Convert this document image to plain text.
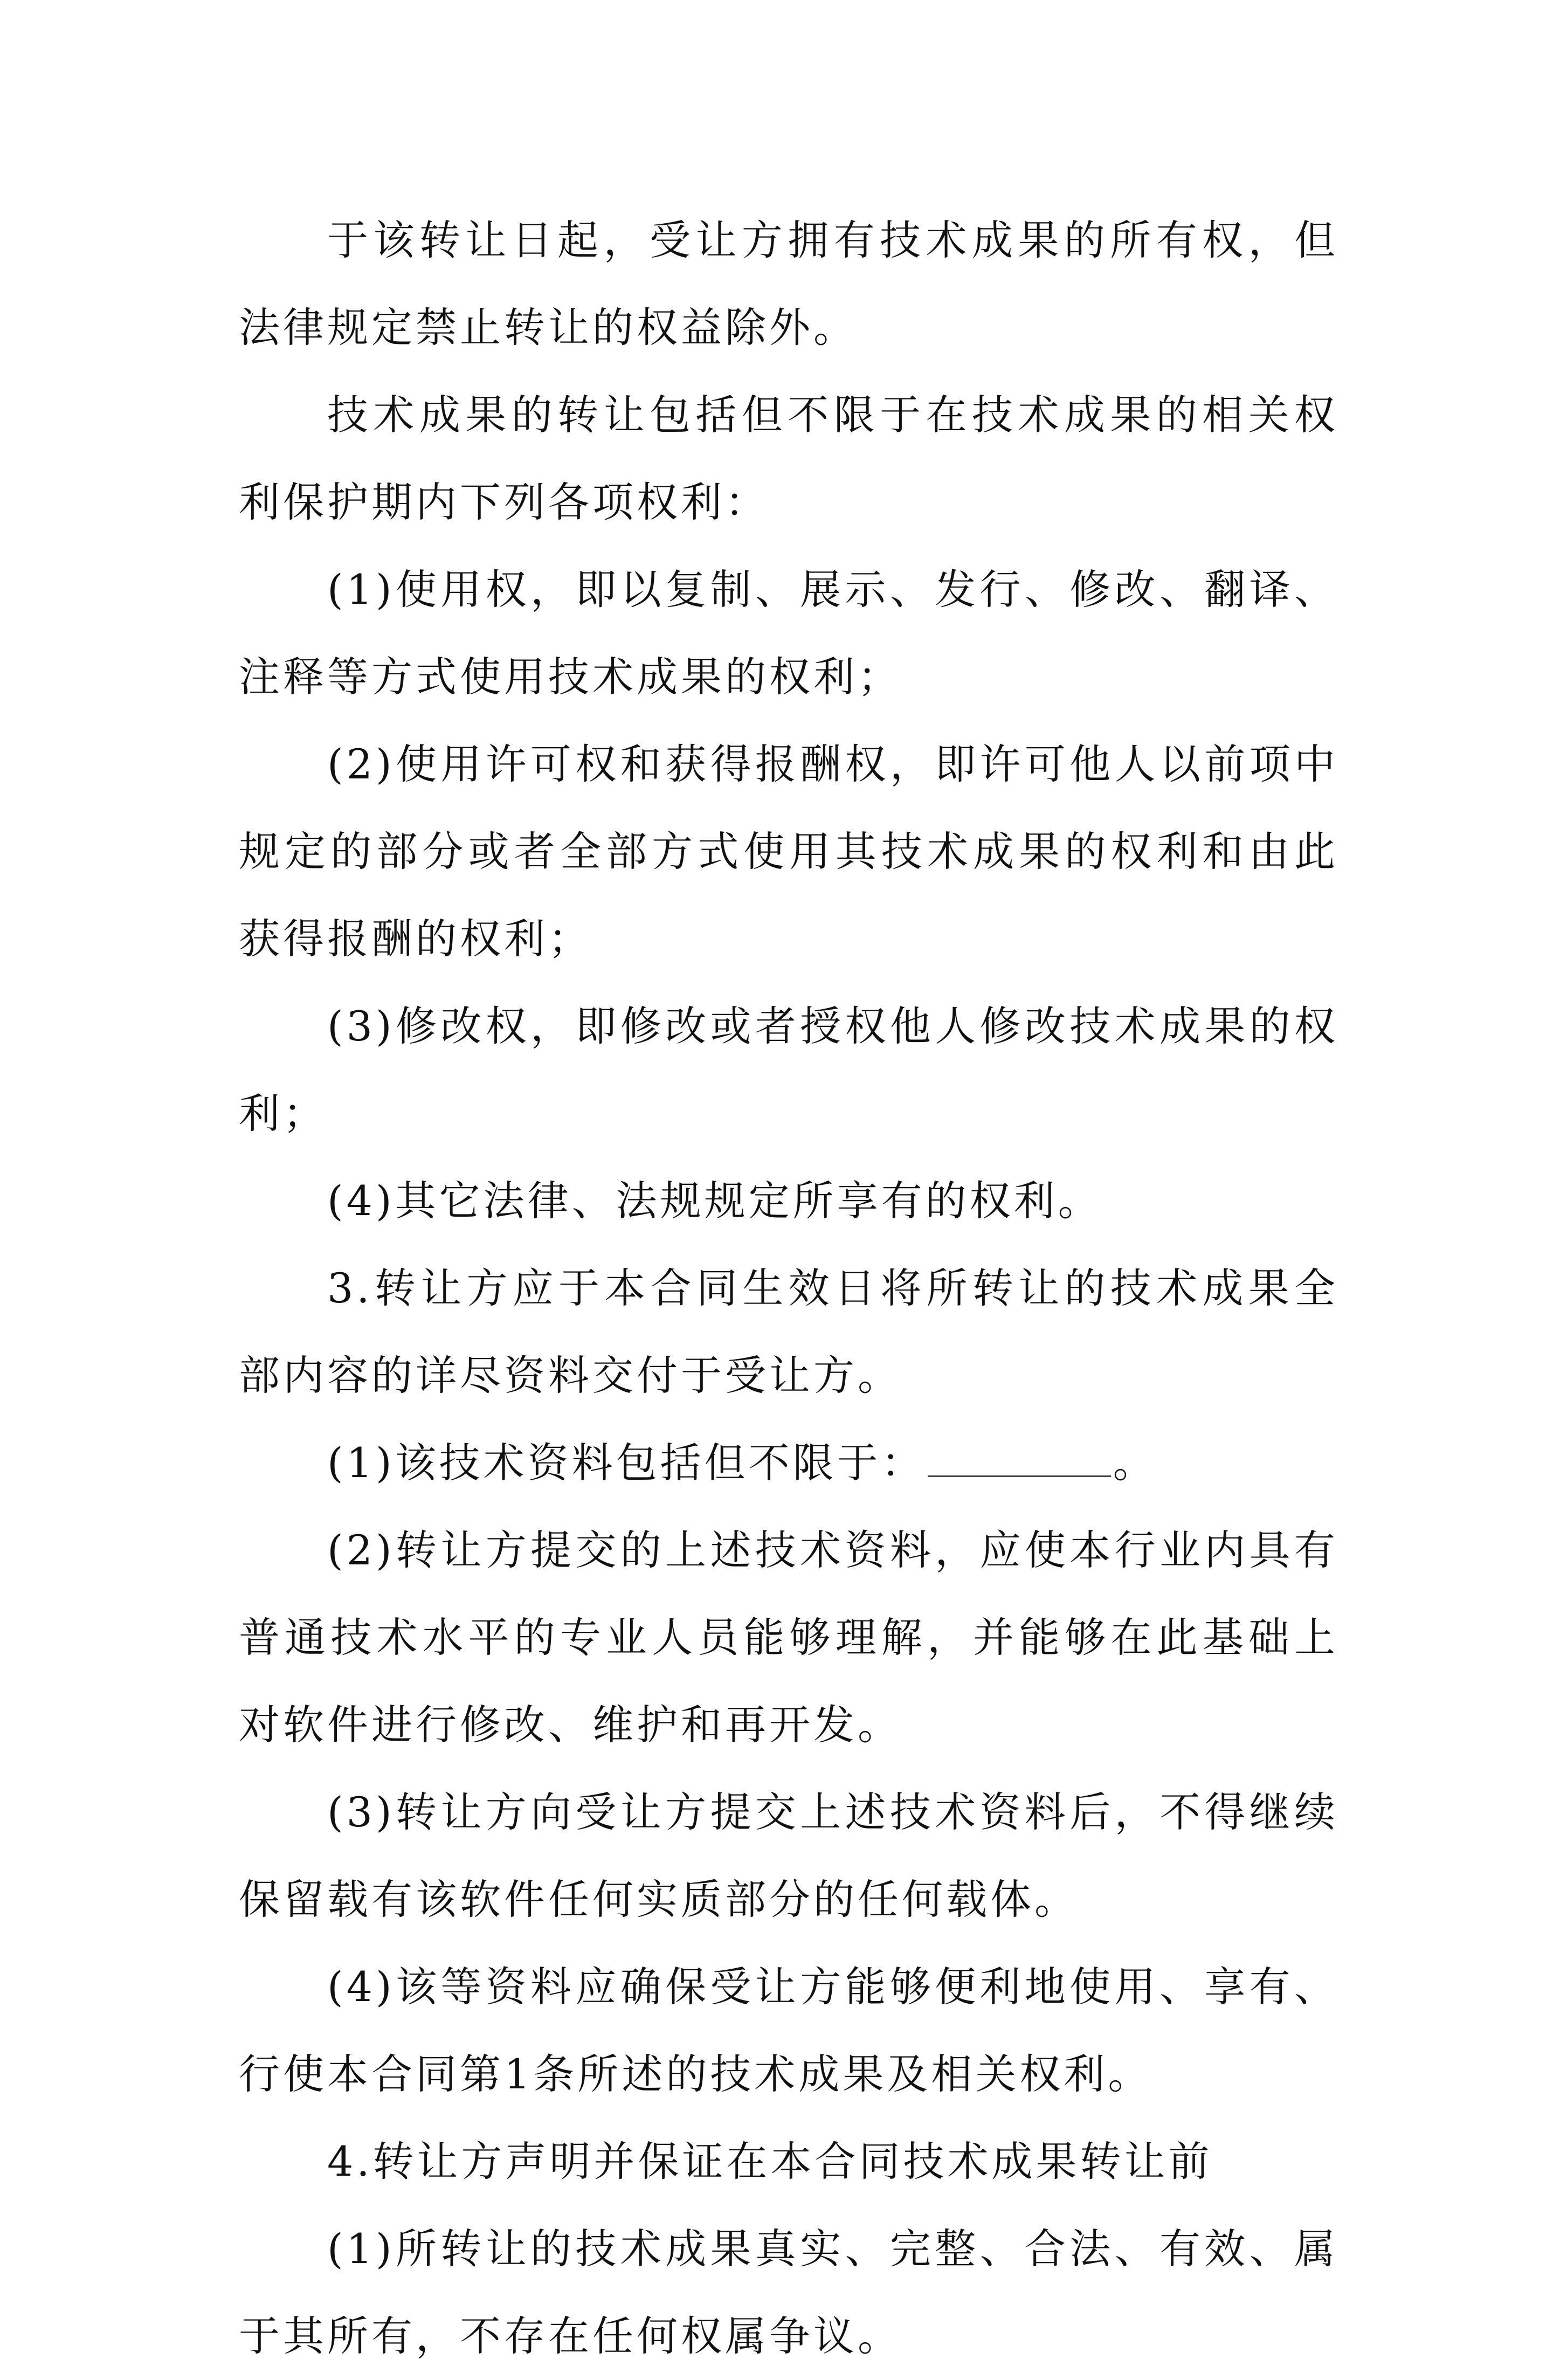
于该转让日起，受让方拥有技术成果的所有权，但法律规定禁止转让的权益除外。

技术成果的转让包括但不限于在技术成果的相关权利保护期内下列各项权利：

(1)使用权，即以复制、展示、发行、修改、翻译、注释等方式使用技术成果的权利；

(2)使用许可权和获得报酬权，即许可他人以前项中规定的部分或者全部方式使用其技术成果的权利和由此获得报酬的权利；

(3)修改权，即修改或者授权他人修改技术成果的权利；

(4)其它法律、法规规定所享有的权利。

3.转让方应于本合同生效日将所转让的技术成果全部内容的详尽资料交付于受让方。

(1)该技术资料包括但不限于：	。

(2)转让方提交的上述技术资料，应使本行业内具有普通技术水平的专业人员能够理解，并能够在此基础上对软件进行修改、维护和再开发。

(3)转让方向受让方提交上述技术资料后，不得继续保留载有该软件任何实质部分的任何载体。

(4)该等资料应确保受让方能够便利地使用、享有、行使本合同第1条所述的技术成果及相关权利。

4.转让方声明并保证在本合同技术成果转让前

(1)所转让的技术成果真实、完整、合法、有效、属于其所有，不存在任何权属争议。
